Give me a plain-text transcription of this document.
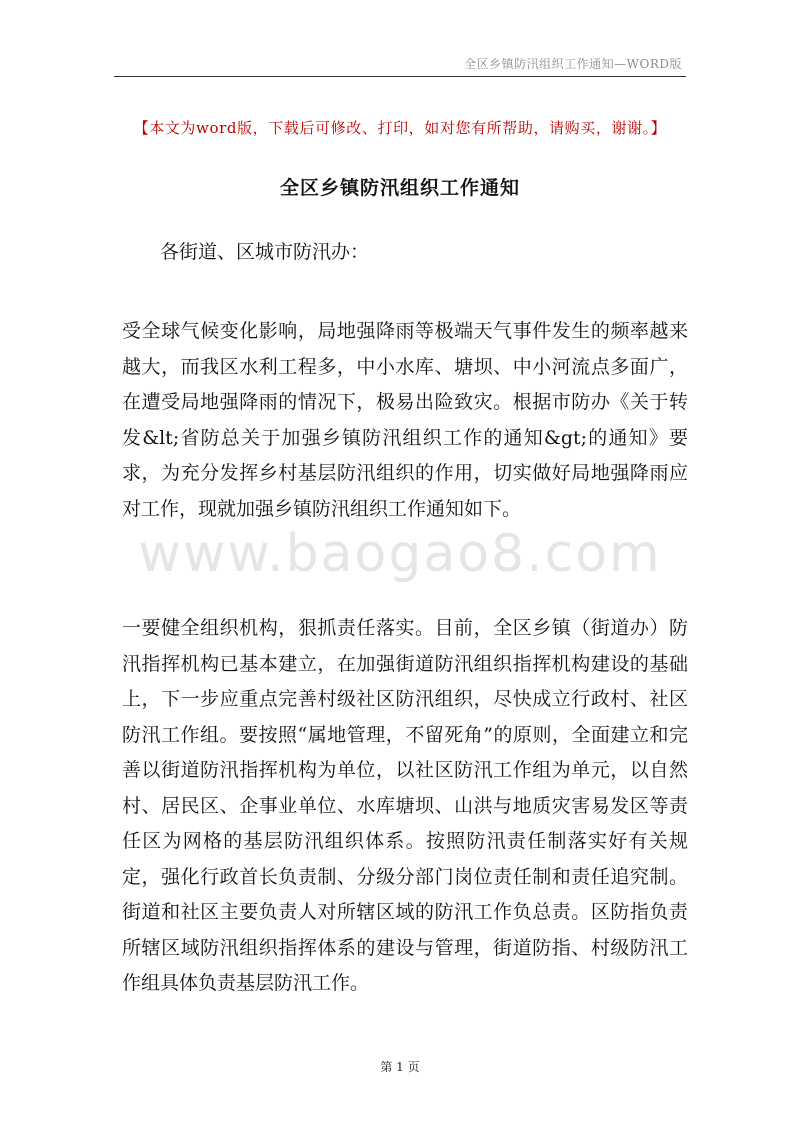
全区乡镇防汛组织工作通知—WORD版
【本文为word版，下载后可修改、打印，如对您有所帮助，请购买，谢谢。】
全区乡镇防汛组织工作通知
各街道、区城市防汛办：
受全球气候变化影响，局地强降雨等极端天气事件发生的频率越来越大，而我区水利工程多，中小水库、塘坝、中小河流点多面广，在遭受局地强降雨的情况下，极易出险致灾。根据市防办《关于转发&lt;省防总关于加强乡镇防汛组织工作的通知&gt;的通知》要求，为充分发挥乡村基层防汛组织的作用，切实做好局地强降雨应对工作，现就加强乡镇防汛组织工作通知如下。
www.baogao8.com
一要健全组织机构，狠抓责任落实。目前，全区乡镇（街道办）防汛指挥机构已基本建立，在加强街道防汛组织指挥机构建设的基础上，下一步应重点完善村级社区防汛组织，尽快成立行政村、社区防汛工作组。要按照“属地管理，不留死角”的原则，全面建立和完善以街道防汛指挥机构为单位，以社区防汛工作组为单元，以自然村、居民区、企事业单位、水库塘坝、山洪与地质灾害易发区等责任区为网格的基层防汛组织体系。按照防汛责任制落实好有关规定，强化行政首长负责制、分级分部门岗位责任制和责任追究制。街道和社区主要负责人对所辖区域的防汛工作负总责。区防指负责所辖区域防汛组织指挥体系的建设与管理，街道防指、村级防汛工作组具体负责基层防汛工作。
第 1 页
